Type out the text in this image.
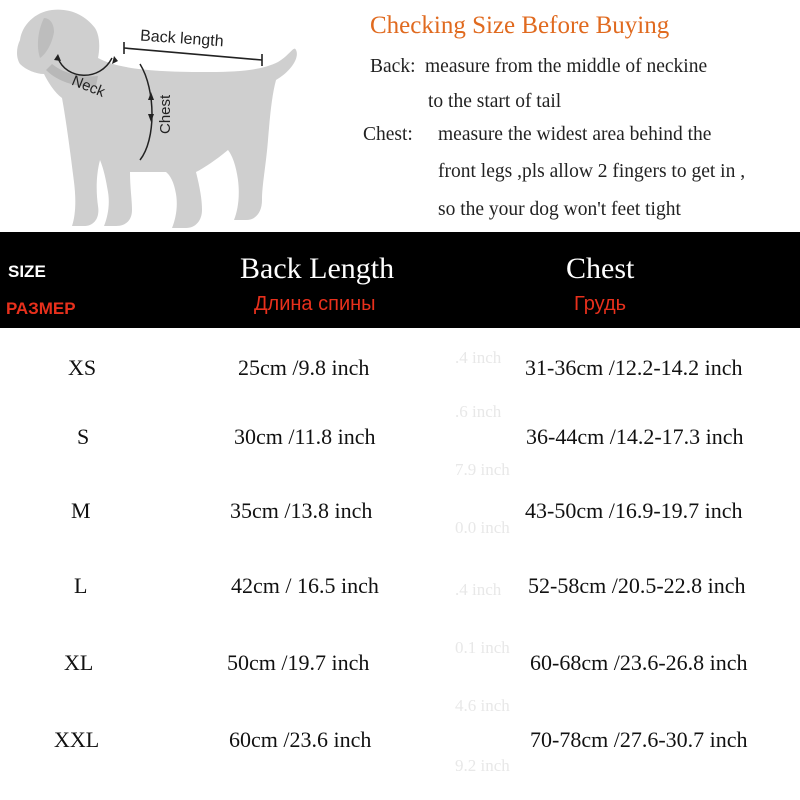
Back length
Neck
Chest
Checking Size Before Buying
Back: measure from the middle of neckine
to the start of tail
Chest: measure the widest area behind the
front legs ,pls allow 2 fingers to get in ,
so the your dog won't feet tight
SIZE
РАЗМЕР
Back Length
Длина спины
Chest
Грудь
.4 inch
.6 inch
7.9 inch
0.0 inch
.4 inch
0.1 inch
4.6 inch
9.2 inch
XS	25cm /9.8 inch	31-36cm /12.2-14.2 inch
S	30cm /11.8 inch	36-44cm /14.2-17.3 inch
M	35cm /13.8 inch	43-50cm /16.9-19.7 inch
L	42cm / 16.5 inch	52-58cm /20.5-22.8 inch
XL	50cm /19.7 inch	60-68cm /23.6-26.8 inch
XXL	60cm /23.6 inch	70-78cm /27.6-30.7 inch
